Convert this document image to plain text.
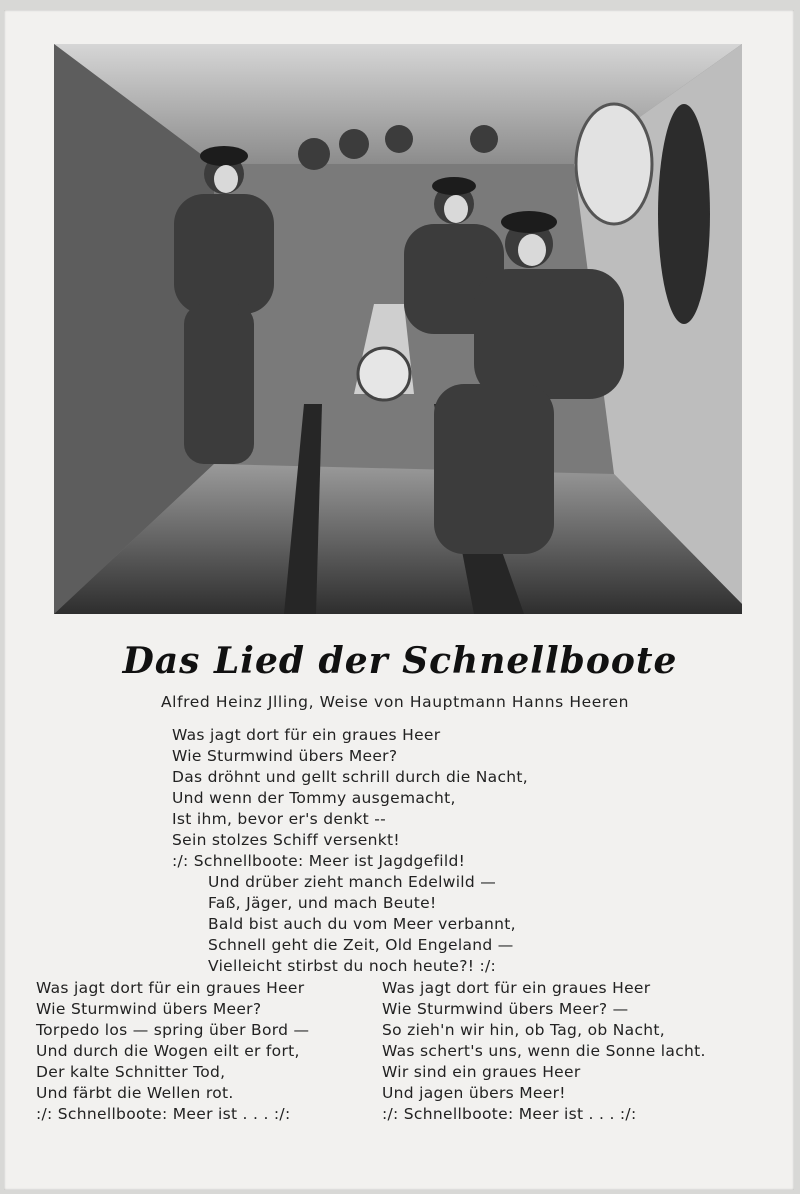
Das Lied der Schnellboote
Alfred Heinz Jlling, Weise von Hauptmann Hanns Heeren
Was jagt dort für ein graues Heer
Wie Sturmwind übers Meer?
Das dröhnt und gellt schrill durch die Nacht,
Und wenn der Tommy ausgemacht,
Ist ihm, bevor er's denkt --
Sein stolzes Schiff versenkt!
:/: Schnellboote: Meer ist Jagdgefild!
Und drüber zieht manch Edelwild —
Faß, Jäger, und mach Beute!
Bald bist auch du vom Meer verbannt,
Schnell geht die Zeit, Old Engeland —
Vielleicht stirbst du noch heute?! :/:
Was jagt dort für ein graues Heer
Wie Sturmwind übers Meer?
Torpedo los — spring über Bord —
Und durch die Wogen eilt er fort,
Der kalte Schnitter Tod,
Und färbt die Wellen rot.
:/: Schnellboote: Meer ist . . . :/:
Was jagt dort für ein graues Heer
Wie Sturmwind übers Meer? —
So zieh'n wir hin, ob Tag, ob Nacht,
Was schert's uns, wenn die Sonne lacht.
Wir sind ein graues Heer
Und jagen übers Meer!
:/: Schnellboote: Meer ist . . . :/:
